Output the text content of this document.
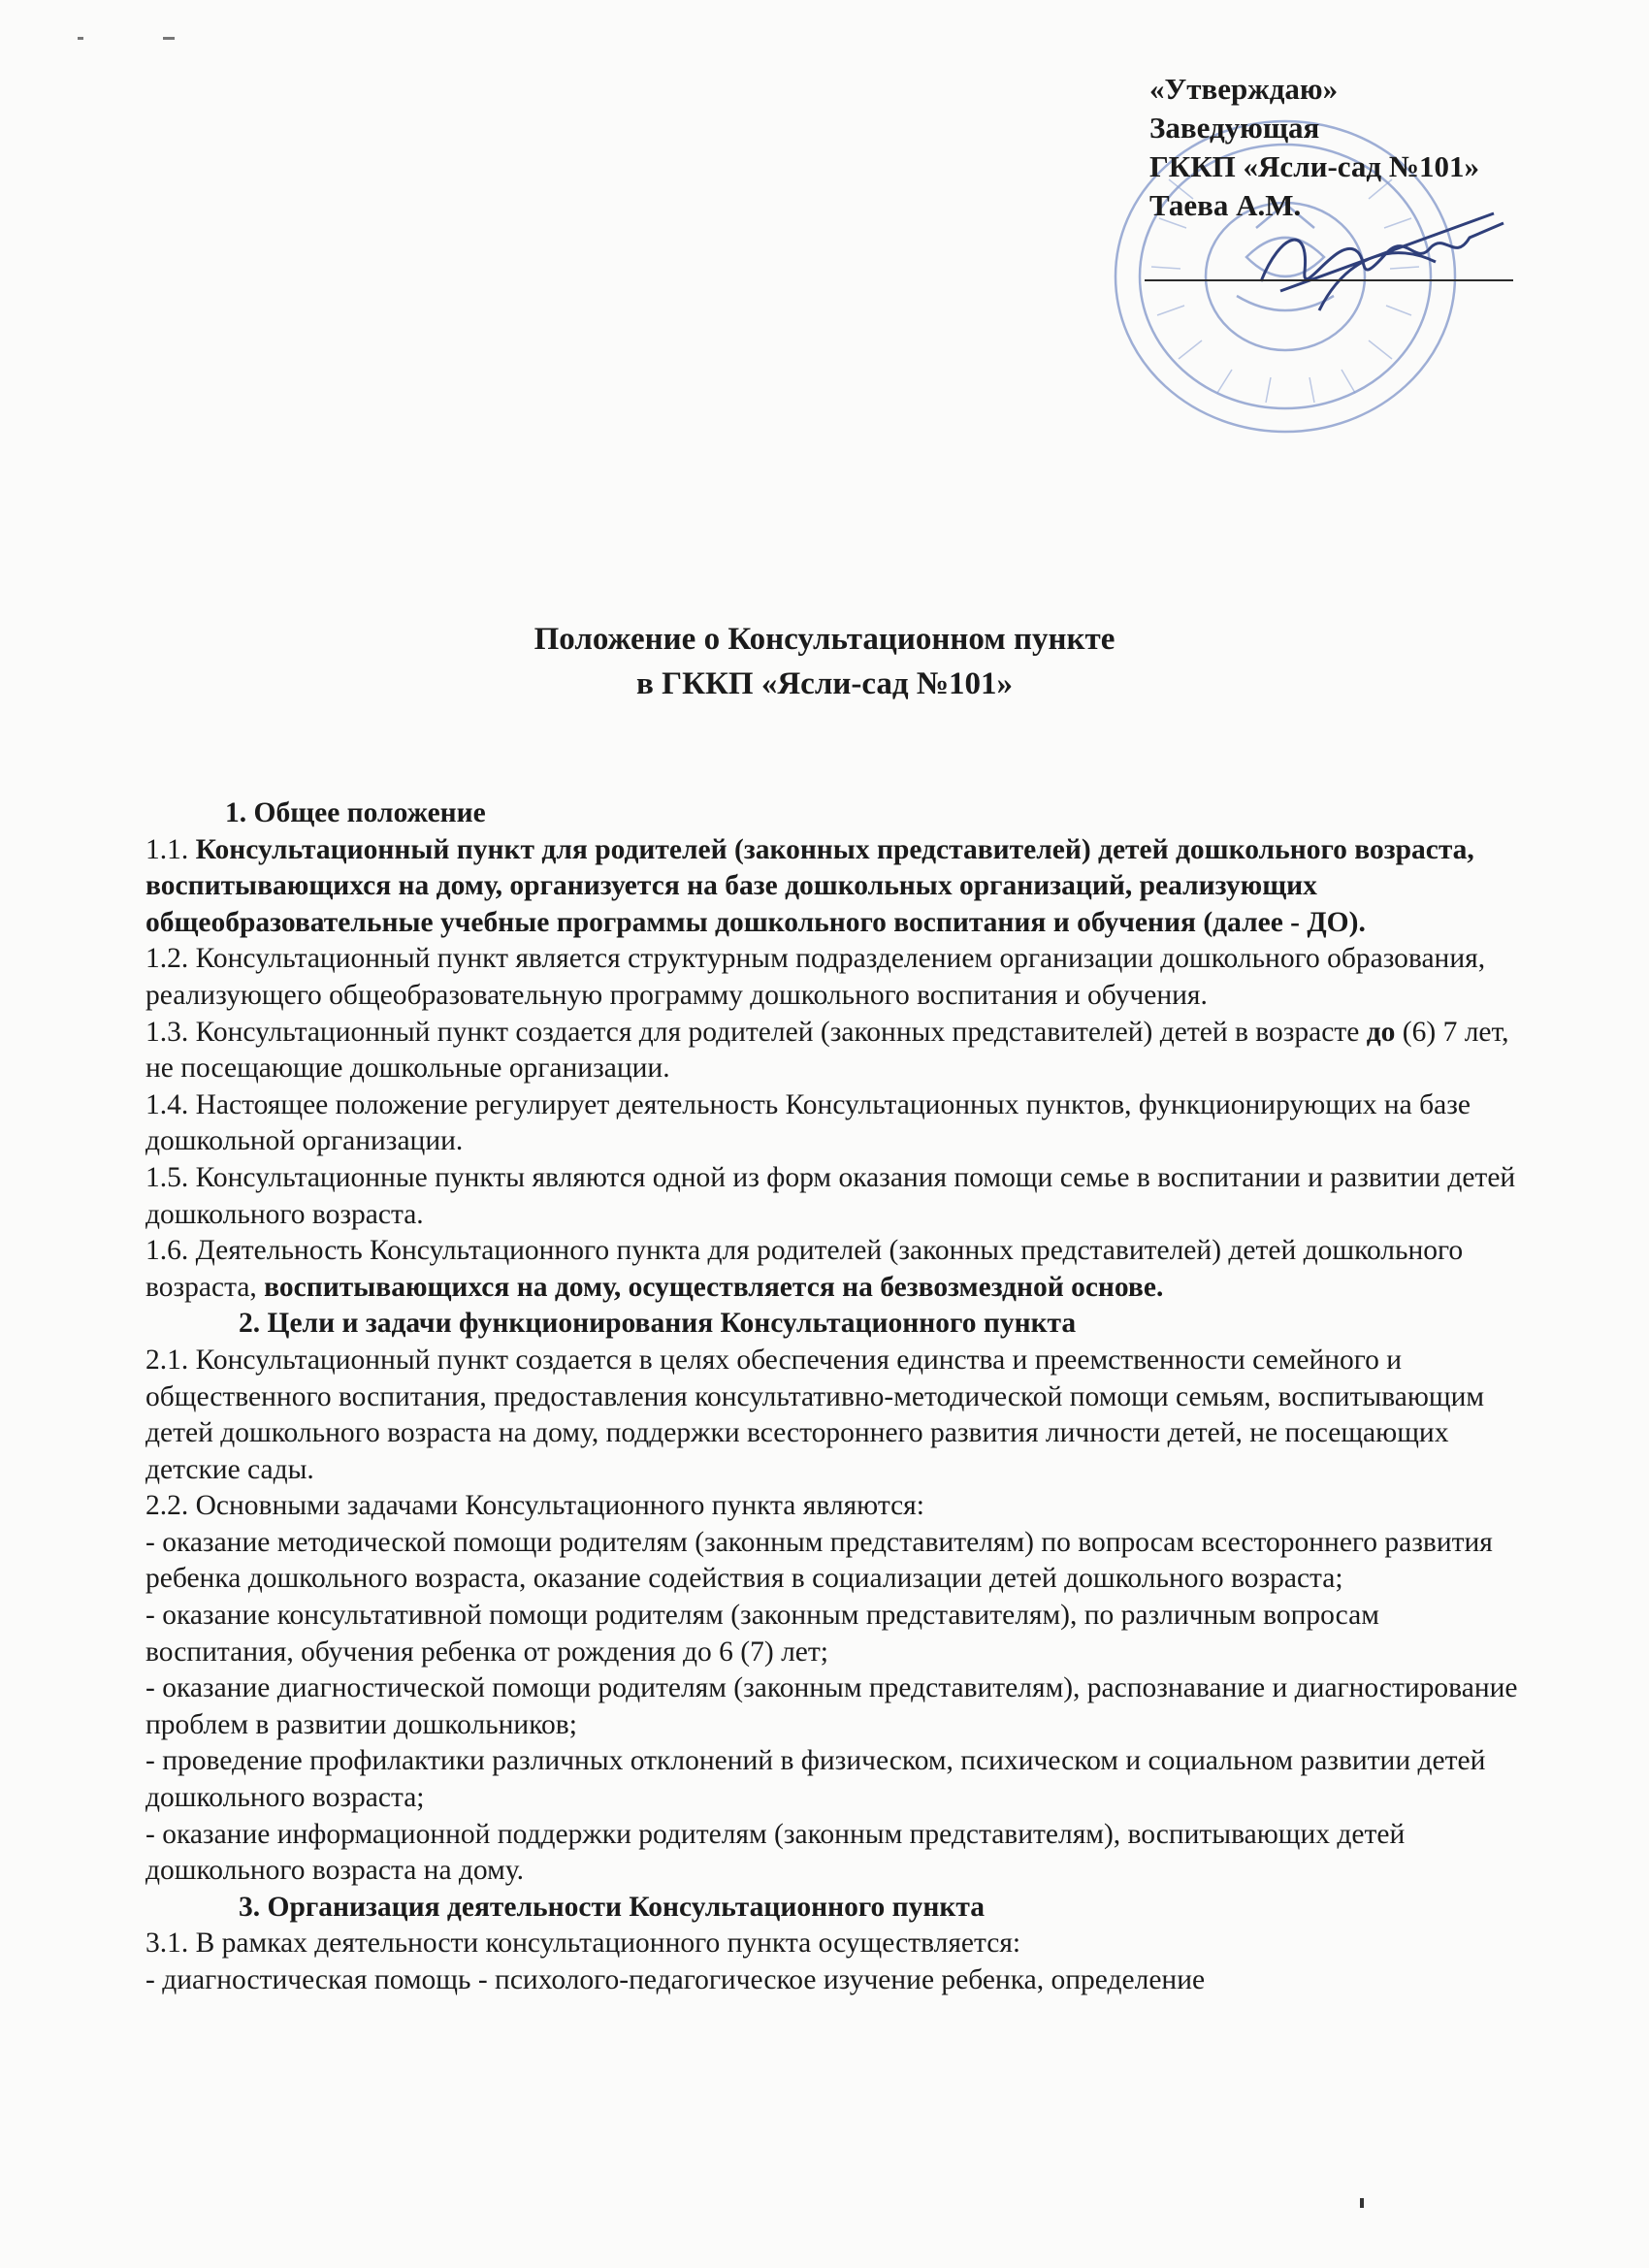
«Утверждаю»
Заведующая
ГККП «Ясли-сад №101»
Таева А.М.
Положение о Консультационном пункте
в ГККП «Ясли-сад №101»

1. Общее положение

1.1. Консультационный пункт для родителей (законных представителей) детей дошкольного возраста, воспитывающихся на дому, организуется на базе дошкольных организаций, реализующих общеобразовательные учебные программы дошкольного воспитания и обучения (далее - ДО).

1.2. Консультационный пункт является структурным подразделением организации дошкольного образования, реализующего общеобразовательную программу дошкольного воспитания и обучения.

1.3. Консультационный пункт создается для родителей (законных представителей) детей в возрасте до (6) 7 лет, не посещающие дошкольные организации.

1.4. Настоящее положение регулирует деятельность Консультационных пунктов, функционирующих на базе дошкольной организации.

1.5. Консультационные пункты являются одной из форм оказания помощи семье в воспитании и развитии детей дошкольного возраста.

1.6. Деятельность Консультационного пункта для родителей (законных представителей) детей дошкольного возраста, воспитывающихся на дому, осуществляется на безвозмездной основе.

2. Цели и задачи функционирования Консультационного пункта

2.1. Консультационный пункт создается в целях обеспечения единства и преемственности семейного и общественного воспитания, предоставления консультативно-методической помощи семьям, воспитывающим детей дошкольного возраста на дому, поддержки всестороннего развития личности детей, не посещающих детские сады.

2.2. Основными задачами Консультационного пункта являются:

- оказание методической помощи родителям (законным представителям) по вопросам всестороннего развития ребенка дошкольного возраста, оказание содействия в социализации детей дошкольного возраста;

- оказание консультативной помощи родителям (законным представителям), по различным вопросам воспитания, обучения ребенка от рождения до 6 (7) лет;

- оказание диагностической помощи родителям (законным представителям), распознавание и диагностирование проблем в развитии дошкольников;

- проведение профилактики различных отклонений в физическом, психическом и социальном развитии детей дошкольного возраста;

- оказание информационной поддержки родителям (законным представителям), воспитывающих детей дошкольного возраста на дому.

3. Организация деятельности Консультационного пункта

3.1. В рамках деятельности консультационного пункта осуществляется:

- диагностическая помощь - психолого-педагогическое изучение ребенка, определение
